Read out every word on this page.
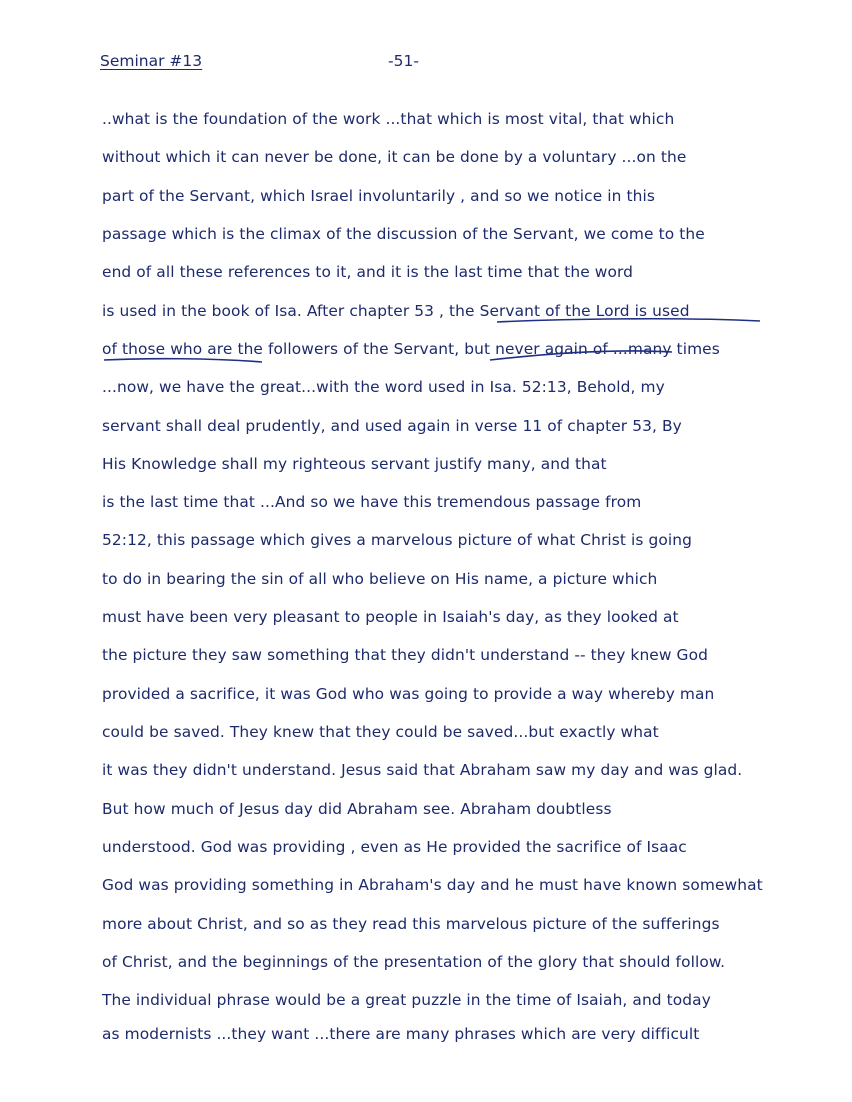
Seminar #13	-51-
..what is the foundation of the work ...that which is most vital, that which
without which it can never be done, it can be done by a voluntary ...on the
part of the Servant, which Israel involuntarily , and so we notice in this
passage which is the climax of the discussion of the Servant, we come to the
end of all these references to it, and it is the last time that the word
is used in the book of Isa. After chapter 53 , the Servant of the Lord is used
of those who are the followers of the Servant, but never again of ...many times
...now, we have the great...with the word used in Isa. 52:13, Behold, my
servant shall deal prudently, and used again in verse 11 of chapter 53, By
His Knowledge shall my righteous servant justify many, and that
is the last time that ...And so we have this tremendous passage from
52:12, this passage which gives a marvelous picture of what Christ is going
to do in bearing the sin of all who believe on His name, a picture which
must have been very pleasant to people in Isaiah's day, as they looked at
the picture they saw something that they didn't understand -- they knew God
provided a sacrifice, it was God who was going to provide a way whereby man
could be saved. They knew that they could be saved...but exactly what
it was they didn't understand. Jesus said that Abraham saw my day and was glad.
But how much of Jesus day did Abraham see. Abraham doubtless
understood. God was providing , even as He provided the sacrifice of Isaac
God was providing something in Abraham's day and he must have known somewhat
more about Christ, and so as they read this marvelous picture of the sufferings
of Christ, and the beginnings of the presentation of the glory that should follow.
The individual phrase would be a great puzzle in the time of Isaiah, and today
as modernists ...they want ...there are many phrases which are very difficult
